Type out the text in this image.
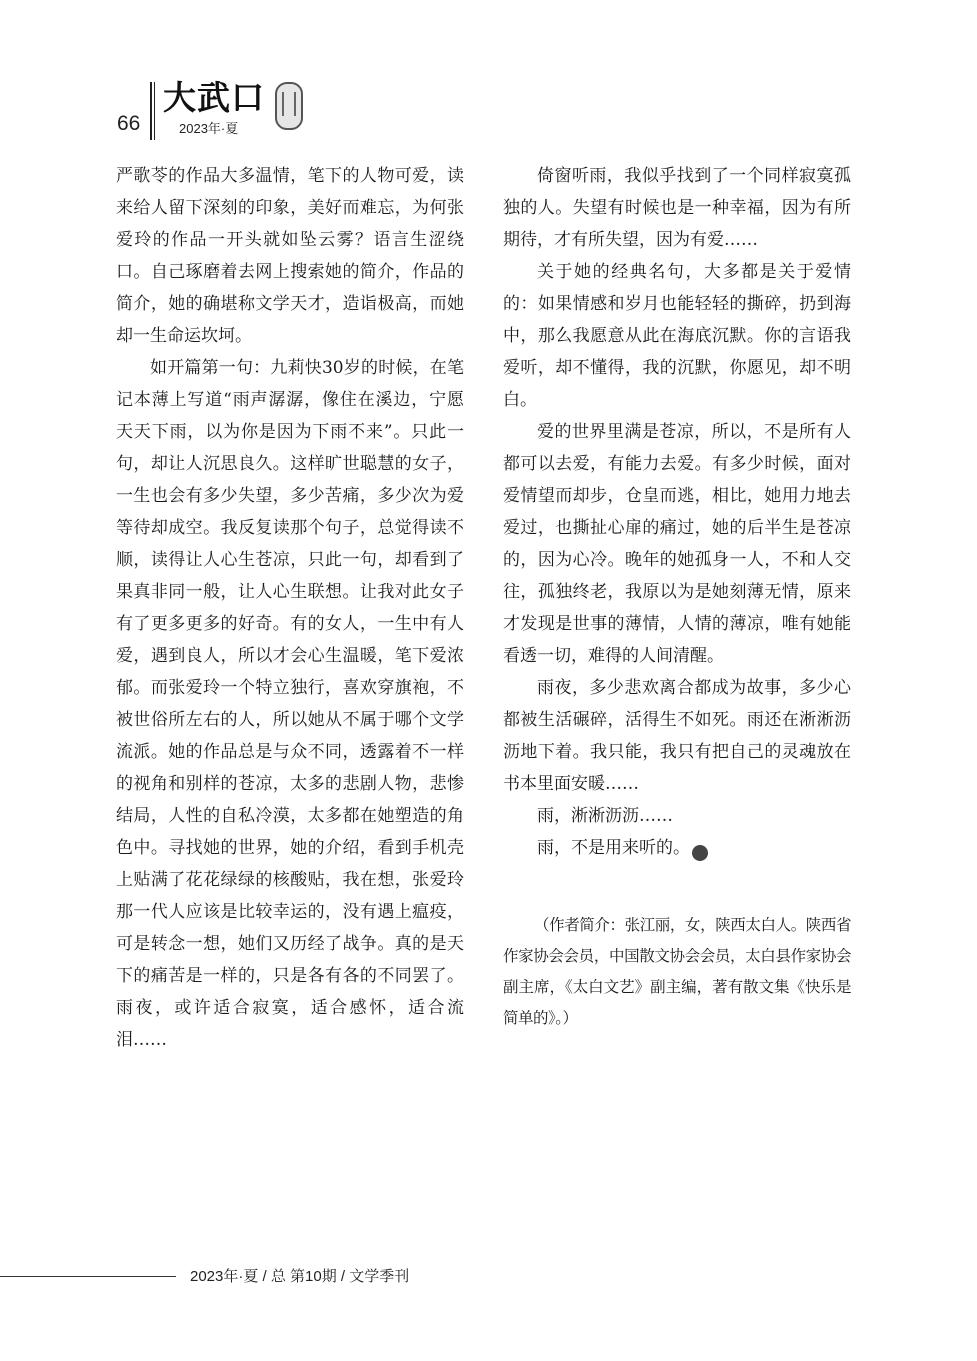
66
大武口
2023年·夏

严歌苓的作品大多温情，笔下的人物可爱，读来给人留下深刻的印象，美好而难忘，为何张爱玲的作品一开头就如坠云雾？语言生涩绕口。自己琢磨着去网上搜索她的简介，作品的简介，她的确堪称文学天才，造诣极高，而她却一生命运坎坷。

如开篇第一句：九莉快30岁的时候，在笔记本薄上写道“雨声潺潺，像住在溪边，宁愿天天下雨，以为你是因为下雨不来”。只此一句，却让人沉思良久。这样旷世聪慧的女子，一生也会有多少失望，多少苦痛，多少次为爱等待却成空。我反复读那个句子，总觉得读不顺，读得让人心生苍凉，只此一句，却看到了果真非同一般，让人心生联想。让我对此女子有了更多更多的好奇。有的女人，一生中有人爱，遇到良人，所以才会心生温暖，笔下爱浓郁。而张爱玲一个特立独行，喜欢穿旗袍，不被世俗所左右的人，所以她从不属于哪个文学流派。她的作品总是与众不同，透露着不一样的视角和别样的苍凉，太多的悲剧人物，悲惨结局，人性的自私冷漠，太多都在她塑造的角色中。寻找她的世界，她的介绍，看到手机壳上贴满了花花绿绿的核酸贴，我在想，张爱玲那一代人应该是比较幸运的，没有遇上瘟疫，可是转念一想，她们又历经了战争。真的是天下的痛苦是一样的，只是各有各的不同罢了。雨夜，或许适合寂寞，适合感怀，适合流泪……

倚窗听雨，我似乎找到了一个同样寂寞孤独的人。失望有时候也是一种幸福，因为有所期待，才有所失望，因为有爱……

关于她的经典名句，大多都是关于爱情的：如果情感和岁月也能轻轻的撕碎，扔到海中，那么我愿意从此在海底沉默。你的言语我爱听，却不懂得，我的沉默，你愿见，却不明白。

爱的世界里满是苍凉，所以，不是所有人都可以去爱，有能力去爱。有多少时候，面对爱情望而却步，仓皇而逃，相比，她用力地去爱过，也撕扯心扉的痛过，她的后半生是苍凉的，因为心冷。晚年的她孤身一人，不和人交往，孤独终老，我原以为是她刻薄无情，原来才发现是世事的薄情，人情的薄凉，唯有她能看透一切，难得的人间清醒。

雨夜，多少悲欢离合都成为故事，多少心都被生活碾碎，活得生不如死。雨还在淅淅沥沥地下着。我只能，我只有把自己的灵魂放在书本里面安暖……

雨，淅淅沥沥……

雨，不是用来听的。	小

（作者简介：张江丽，女，陕西太白人。陕西省作家协会会员，中国散文协会会员，太白县作家协会副主席，《太白文艺》副主编，著有散文集《快乐是简单的》。）

2023年·夏 / 总 第10期 / 文学季刊
